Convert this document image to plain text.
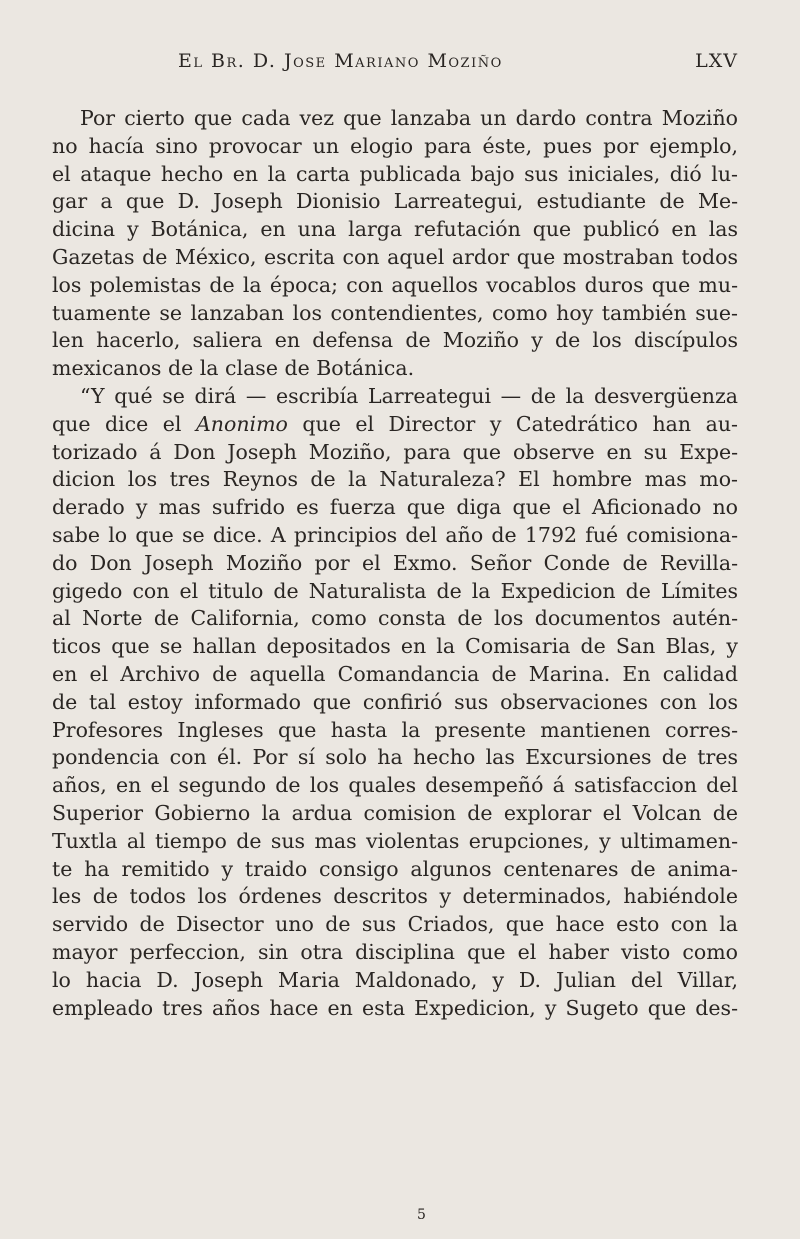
El Br. D. Jose Mariano Moziño	LXV
Por cierto que cada vez que lanzaba un dardo contra Moziño
no hacía sino provocar un elogio para éste, pues por ejemplo,
el ataque hecho en la carta publicada bajo sus iniciales, dió lu-
gar a que D. Joseph Dionisio Larreategui, estudiante de Me-
dicina y Botánica, en una larga refutación que publicó en las
Gazetas de México, escrita con aquel ardor que mostraban todos
los polemistas de la época; con aquellos vocablos duros que mu-
tuamente se lanzaban los contendientes, como hoy también sue-
len hacerlo, saliera en defensa de Moziño y de los discípulos
mexicanos de la clase de Botánica.
“Y qué se dirá — escribía Larreategui — de la desvergüenza
que dice el Anonimo que el Director y Catedrático han au-
torizado á Don Joseph Moziño, para que observe en su Expe-
dicion los tres Reynos de la Naturaleza? El hombre mas mo-
derado y mas sufrido es fuerza que diga que el Aficionado no
sabe lo que se dice. A principios del año de 1792 fué comisiona-
do Don Joseph Moziño por el Exmo. Señor Conde de Revilla-
gigedo con el titulo de Naturalista de la Expedicion de Límites
al Norte de California, como consta de los documentos autén-
ticos que se hallan depositados en la Comisaria de San Blas, y
en el Archivo de aquella Comandancia de Marina. En calidad
de tal estoy informado que confirió sus observaciones con los
Profesores Ingleses que hasta la presente mantienen corres-
pondencia con él. Por sí solo ha hecho las Excursiones de tres
años, en el segundo de los quales desempeñó á satisfaccion del
Superior Gobierno la ardua comision de explorar el Volcan de
Tuxtla al tiempo de sus mas violentas erupciones, y ultimamen-
te ha remitido y traido consigo algunos centenares de anima-
les de todos los órdenes descritos y determinados, habiéndole
servido de Disector uno de sus Criados, que hace esto con la
mayor perfeccion, sin otra disciplina que el haber visto como
lo hacia D. Joseph Maria Maldonado, y D. Julian del Villar,
empleado tres años hace en esta Expedicion, y Sugeto que des-
5
